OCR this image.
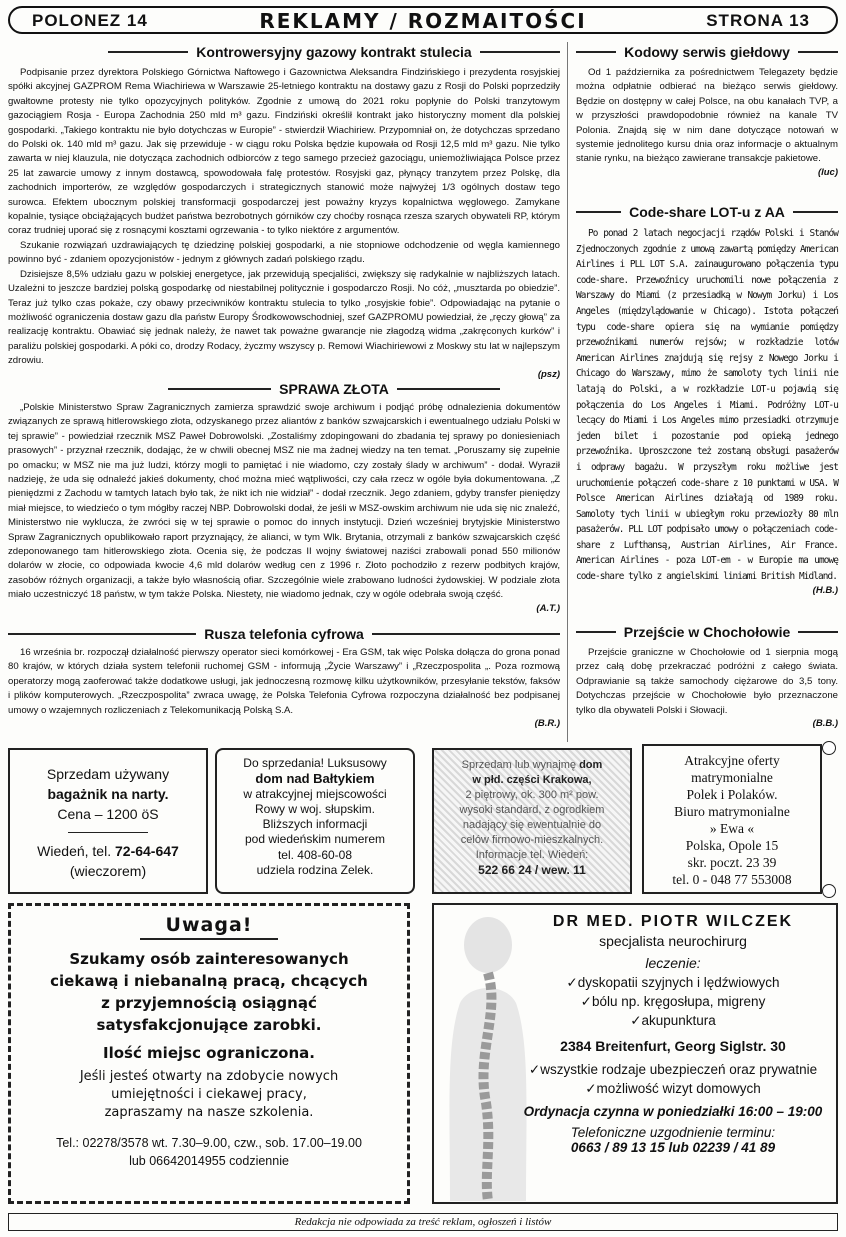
POLONEZ 14	REKLAMY / ROZMAITOŚCI	STRONA 13
Kontrowersyjny gazowy kontrakt stulecia

Podpisanie przez dyrektora Polskiego Górnictwa Naftowego i Gazownictwa Aleksandra Findzińskiego i prezydenta rosyjskiej spółki akcyjnej GAZPROM Rema Wiachiriewa w Warszawie 25-letniego kontraktu na dostawy gazu z Rosji do Polski poprzedziły gwałtowne protesty nie tylko opozycyjnych polityków. Zgodnie z umową do 2021 roku popłynie do Polski tranzytowym gazociągiem Rosja - Europa Zachodnia 250 mld m³ gazu. Findziński określił kontrakt jako historyczny moment dla polskiej gospodarki. „Takiego kontraktu nie było dotychczas w Europie” - stwierdził Wiachiriew. Przypomniał on, że dotychczas sprzedano do Polski ok. 140 mld m³ gazu. Jak się przewiduje - w ciągu roku Polska będzie kupowała od Rosji 12,5 mld m³ gazu. Nie tylko zawarta w niej klauzula, nie dotycząca zachodnich odbiorców z tego samego przecież gazociągu, uniemożliwiająca Polsce przez 25 lat zawarcie umowy z innym dostawcą, spowodowała falę protestów. Rosyjski gaz, płynący tranzytem przez Polskę, dla zachodnich importerów, ze względów gospodarczych i strategicznych stanowić może najwyżej 1/3 ogólnych dostaw tego surowca. Efektem ubocznym polskiej transformacji gospodarczej jest poważny kryzys kopalnictwa węglowego. Zamykane kopalnie, tysiące obciążających budżet państwa bezrobotnych górników czy choćby rosnąca rzesza szarych obywateli RP, którym coraz trudniej uporać się z rosnącymi kosztami ogrzewania - to tylko niektóre z argumentów.

Szukanie rozwiązań uzdrawiających tę dziedzinę polskiej gospodarki, a nie stopniowe odchodzenie od węgla kamiennego powinno być - zdaniem opozycjonistów - jednym z głównych zadań polskiego rządu.

Dzisiejsze 8,5% udziału gazu w polskiej energetyce, jak przewidują specjaliści, zwiększy się radykalnie w najbliższych latach. Uzależni to jeszcze bardziej polską gospodarkę od niestabilnej politycznie i gospodarczo Rosji. No cóż, „musztarda po obiedzie”. Teraz już tylko czas pokaże, czy obawy przeciwników kontraktu stulecia to tylko „rosyjskie fobie”. Odpowiadając na pytanie o możliwość ograniczenia dostaw gazu dla państw Europy Środkowowschodniej, szef GAZPROMU powiedział, że „ręczy głową” za realizację kontraktu. Obawiać się jednak należy, że nawet tak poważne gwarancje nie złagodzą widma „zakręconych kurków” i paraliżu polskiej gospodarki. A póki co, drodzy Rodacy, życzmy wszyscy p. Remowi Wiachiriewowi z Moskwy stu lat w najlepszym zdrowiu.

(psz)
SPRAWA ZŁOTA

„Polskie Ministerstwo Spraw Zagranicznych zamierza sprawdzić swoje archiwum i podjąć próbę odnalezienia dokumentów związanych ze sprawą hitlerowskiego złota, odzyskanego przez aliantów z banków szwajcarskich i ewentualnego udziału Polski w tej sprawie” - powiedział rzecznik MSZ Paweł Dobrowolski. „Zostaliśmy zdopingowani do zbadania tej sprawy po doniesieniach prasowych” - przyznał rzecznik, dodając, że w chwili obecnej MSZ nie ma żadnej wiedzy na ten temat. „Poruszamy się zupełnie po omacku; w MSZ nie ma już ludzi, którzy mogli to pamiętać i nie wiadomo, czy zostały ślady w archiwum” - dodał. Wyraził nadzieję, że uda się odnaleźć jakieś dokumenty, choć można mieć wątpliwości, czy cała rzecz w ogóle była dokumentowana. „Z pieniędzmi z Zachodu w tamtych latach było tak, że nikt ich nie widział” - dodał rzecznik. Jego zdaniem, gdyby transfer pieniędzy miał miejsce, to wiedziećo o tym mógłby raczej NBP. Dobrowolski dodał, że jeśli w MSZ-owskim archiwum nie uda się nic znaleźć, Ministerstwo nie wyklucza, że zwróci się w tej sprawie o pomoc do innych instytucji. Dzień wcześniej brytyjskie Ministerstwo Spraw Zagranicznych opublikowało raport przyznający, że alianci, w tym Wlk. Brytania, otrzymali z banków szwajcarskich część zdeponowanego tam hitlerowskiego złota. Ocenia się, że podczas II wojny światowej naziści zrabowali ponad 550 milionów dolarów w złocie, co odpowiada kwocie 4,6 mld dolarów według cen z 1996 r. Złoto pochodziło z rezerw podbitych krajów, zasobów różnych organizacji, a także było własnością ofiar. Szczególnie wiele zrabowano ludności żydowskiej. W podziale złota miało uczestniczyć 18 państw, w tym także Polska. Niestety, nie wiadomo jednak, czy w ogóle odebrała swoją część.

(A.T.)
Rusza telefonia cyfrowa

16 września br. rozpoczął działalność pierwszy operator sieci komórkowej - Era GSM, tak więc Polska dołącza do grona ponad 80 krajów, w których działa system telefonii ruchomej GSM - informują „Życie Warszawy” i „Rzeczpospolita „. Poza rozmową operatorzy mogą zaoferować także dodatkowe usługi, jak jednoczesną rozmowę kilku użytkowników, przesyłanie tekstów, faksów i plików komputerowych. „Rzeczpospolita” zwraca uwagę, że Polska Telefonia Cyfrowa rozpoczyna działalność bez podpisanej umowy o wzajemnych rozliczeniach z Telekomunikacją Polską S.A.

(B.R.)
Kodowy serwis giełdowy

Od 1 października za pośrednictwem Telegazety będzie można odpłatnie odbierać na bieżąco serwis giełdowy. Będzie on dostępny w całej Polsce, na obu kanałach TVP, a w przyszłości prawdopodobnie również na kanale TV Polonia. Znajdą się w nim dane dotyczące notowań w systemie jednolitego kursu dnia oraz informacje o aktualnym stanie rynku, na bieżąco zawierane transakcje pakietowe.

(luc)
Code-share LOT-u z AA

Po ponad 2 latach negocjacji rządów Polski i Stanów Zjednoczonych zgodnie z umową zawartą pomiędzy American Airlines i PLL LOT S.A. zainaugurowano połączenia typu code-share. Przewoźnicy uruchomili nowe połączenia z Warszawy do Miami (z przesiadką w Nowym Jorku) i Los Angeles (międzylądowanie w Chicago). Istota połączeń typu code-share opiera się na wymianie pomiędzy przewoźnikami numerów rejsów; w rozkładzie lotów American Airlines znajdują się rejsy z Nowego Jorku i Chicago do Warszawy, mimo że samoloty tych linii nie latają do Polski, a w rozkładzie LOT-u pojawią się połączenia do Los Angeles i Miami. Podróżny LOT-u lecący do Miami i Los Angeles mimo przesiadki otrzymuje jeden bilet i pozostanie pod opieką jednego przewoźnika. Uproszczone też zostaną obsługi pasażerów i odprawy bagażu. W przyszłym roku możliwe jest uruchomienie połączeń code-share z 10 punktami w USA. W Polsce American Airlines działają od 1989 roku. Samoloty tych linii w ubiegłym roku przewiozły 80 mln pasażerów. PLL LOT podpisało umowy o połączeniach code-share z Lufthansą, Austrian Airlines, Air France. American Airlines - poza LOT-em - w Europie ma umowę code-share tylko z angielskimi liniami British Midland.

(H.B.)
Przejście w Chochołowie

Przejście graniczne w Chochołowie od 1 sierpnia mogą przez całą dobę przekraczać podróżni z całego świata. Odprawianie są także samochody ciężarowe do 3,5 tony. Dotychczas przejście w Chochołowie było przeznaczone tylko dla obywateli Polski i Słowacji.

(B.B.)
Sprzedam używany
bagażnik na narty.
Cena – 1200 öS
Wiedeń, tel. 72-64-647
(wieczorem)
Do sprzedania! Luksusowy
dom nad Bałtykiem
w atrakcyjnej miejscowości
Rowy w woj. słupskim.
Bliższych informacji
pod wiedeńskim numerem
tel. 408-60-08
udziela rodzina Zelek.
Sprzedam lub wynajmę dom
w płd. części Krakowa,
2 piętrowy, ok. 300 m² pow.
wysoki standard, z ogrodkiem
nadający się ewentualnie do
celów firmowo-mieszkalnych.
Informacje tel. Wiedeń:
522 66 24 / wew. 11
Atrakcyjne oferty
matrymonialne
Polek i Polaków.
Biuro matrymonialne
» Ewa «
Polska, Opole 15
skr. poczt. 23 39
tel. 0 - 048 77 553008
Uwaga!
Szukamy osób zainteresowanych
ciekawą i niebanalną pracą, chcących
z przyjemnością osiągnąć
satysfakcjonujące zarobki.
Ilość miejsc ograniczona.
Jeśli jesteś otwarty na zdobycie nowych
umiejętności i ciekawej pracy,
zapraszamy na nasze szkolenia.
Tel.: 02278/3578 wt. 7.30–9.00, czw., sob. 17.00–19.00
lub 06642014955 codziennie
DR MED. PIOTR WILCZEK
specjalista neurochirurg
leczenie:
✓ dyskopatii szyjnych i lędźwiowych
✓ bólu np. kręgosłupa, migreny
✓ akupunktura
2384 Breitenfurt, Georg Siglstr. 30
✓ wszystkie rodzaje ubezpieczeń oraz prywatnie
✓ możliwość wizyt domowych
Ordynacja czynna w poniedziałki 16:00 – 19:00
Telefoniczne uzgodnienie terminu:
0663 / 89 13 15 lub 02239 / 41 89
Redakcja nie odpowiada za treść reklam, ogłoszeń i listów
